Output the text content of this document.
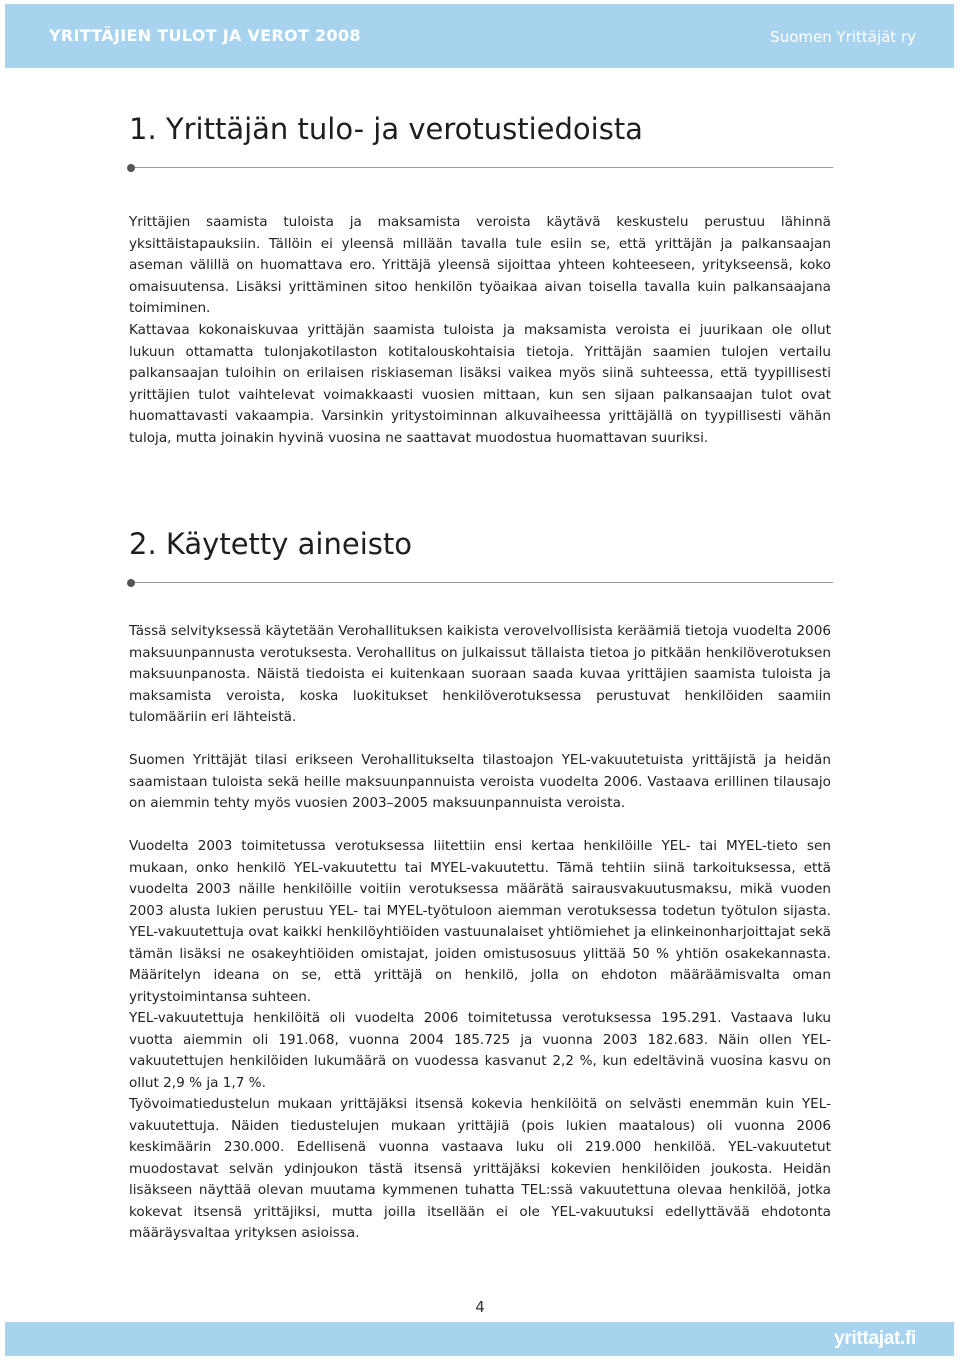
YRITTÄJIEN TULOT JA VEROT 2008	Suomen Yrittäjät ry
1. Yrittäjän tulo- ja verotustiedoista

Yrittäjien saamista tuloista ja maksamista veroista käytävä keskustelu perustuu lähinnä yksittäistapauksiin. Tällöin ei yleensä millään tavalla tule esiin se, että yrittäjän ja palkansaajan aseman välillä on huomattava ero. Yrittäjä yleensä sijoittaa yhteen kohteeseen, yritykseensä, koko omaisuutensa. Lisäksi yrittäminen sitoo henkilön työaikaa aivan toisella tavalla kuin palkansaajana toimiminen.

Kattavaa kokonaiskuvaa yrittäjän saamista tuloista ja maksamista veroista ei juurikaan ole ollut lukuun ottamatta tulonjakotilaston kotitalouskohtaisia tietoja. Yrittäjän saamien tulojen vertailu palkansaajan tuloihin on erilaisen riskiaseman lisäksi vaikea myös siinä suhteessa, että tyypillisesti yrittäjien tulot vaihtelevat voimakkaasti vuosien mittaan, kun sen sijaan palkansaajan tulot ovat huomattavasti vakaampia. Varsinkin yritystoiminnan alkuvaiheessa yrittäjällä on tyypillisesti vähän tuloja, mutta joinakin hyvinä vuosina ne saattavat muodostua huomattavan suuriksi.

2. Käytetty aineisto

Tässä selvityksessä käytetään Verohallituksen kaikista verovelvollisista keräämiä tietoja vuodelta 2006 maksuunpannusta verotuksesta. Verohallitus on julkaissut tällaista tietoa jo pitkään henkilöverotuksen maksuunpanosta. Näistä tiedoista ei kuitenkaan suoraan saada kuvaa yrittäjien saamista tuloista ja maksamista veroista, koska luokitukset henkilöverotuksessa perustuvat henkilöiden saamiin tulomääriin eri lähteistä.

Suomen Yrittäjät tilasi erikseen Verohallitukselta tilastoajon YEL-vakuutetuista yrittäjistä ja heidän saamistaan tuloista sekä heille maksuunpannuista veroista vuodelta 2006. Vastaava erillinen tilausajo on aiemmin tehty myös vuosien 2003–2005 maksuunpannuista veroista.

Vuodelta 2003 toimitetussa verotuksessa liitettiin ensi kertaa henkilöille YEL- tai MYEL-tieto sen mukaan, onko henkilö YEL-vakuutettu tai MYEL-vakuutettu. Tämä tehtiin siinä tarkoituksessa, että vuodelta 2003 näille henkilöille voitiin verotuksessa määrätä sairausvakuutusmaksu, mikä vuoden 2003 alusta lukien perustuu YEL- tai MYEL-työtuloon aiemman verotuksessa todetun työtulon sijasta. YEL-vakuutettuja ovat kaikki henkilöyhtiöiden vastuunalaiset yhtiömiehet ja elinkeinonharjoittajat sekä tämän lisäksi ne osakeyhtiöiden omistajat, joiden omistusosuus ylittää 50 % yhtiön osakekannasta. Määritelyn ideana on se, että yrittäjä on henkilö, jolla on ehdoton määräämisvalta oman yritystoimintansa suhteen.

YEL-vakuutettuja henkilöitä oli vuodelta 2006 toimitetussa verotuksessa 195.291. Vastaava luku vuotta aiemmin oli 191.068, vuonna 2004 185.725 ja vuonna 2003 182.683. Näin ollen YEL-vakuutettujen henkilöiden lukumäärä on vuodessa kasvanut 2,2 %, kun edeltävinä vuosina kasvu on ollut 2,9 % ja 1,7 %.

Työvoimatiedustelun mukaan yrittäjäksi itsensä kokevia henkilöitä on selvästi enemmän kuin YEL-vakuutettuja. Näiden tiedustelujen mukaan yrittäjiä (pois lukien maatalous) oli vuonna 2006 keskimäärin 230.000. Edellisenä vuonna vastaava luku oli 219.000 henkilöä. YEL-vakuutetut muodostavat selvän ydinjoukon tästä itsensä yrittäjäksi kokevien henkilöiden joukosta. Heidän lisäkseen näyttää olevan muutama kymmenen tuhatta TEL:ssä vakuutettuna olevaa henkilöä, jotka kokevat itsensä yrittäjiksi, mutta joilla itsellään ei ole YEL-vakuutuksi edellyttävää ehdotonta määräysvaltaa yrityksen asioissa.

4
yrittajat.fi
